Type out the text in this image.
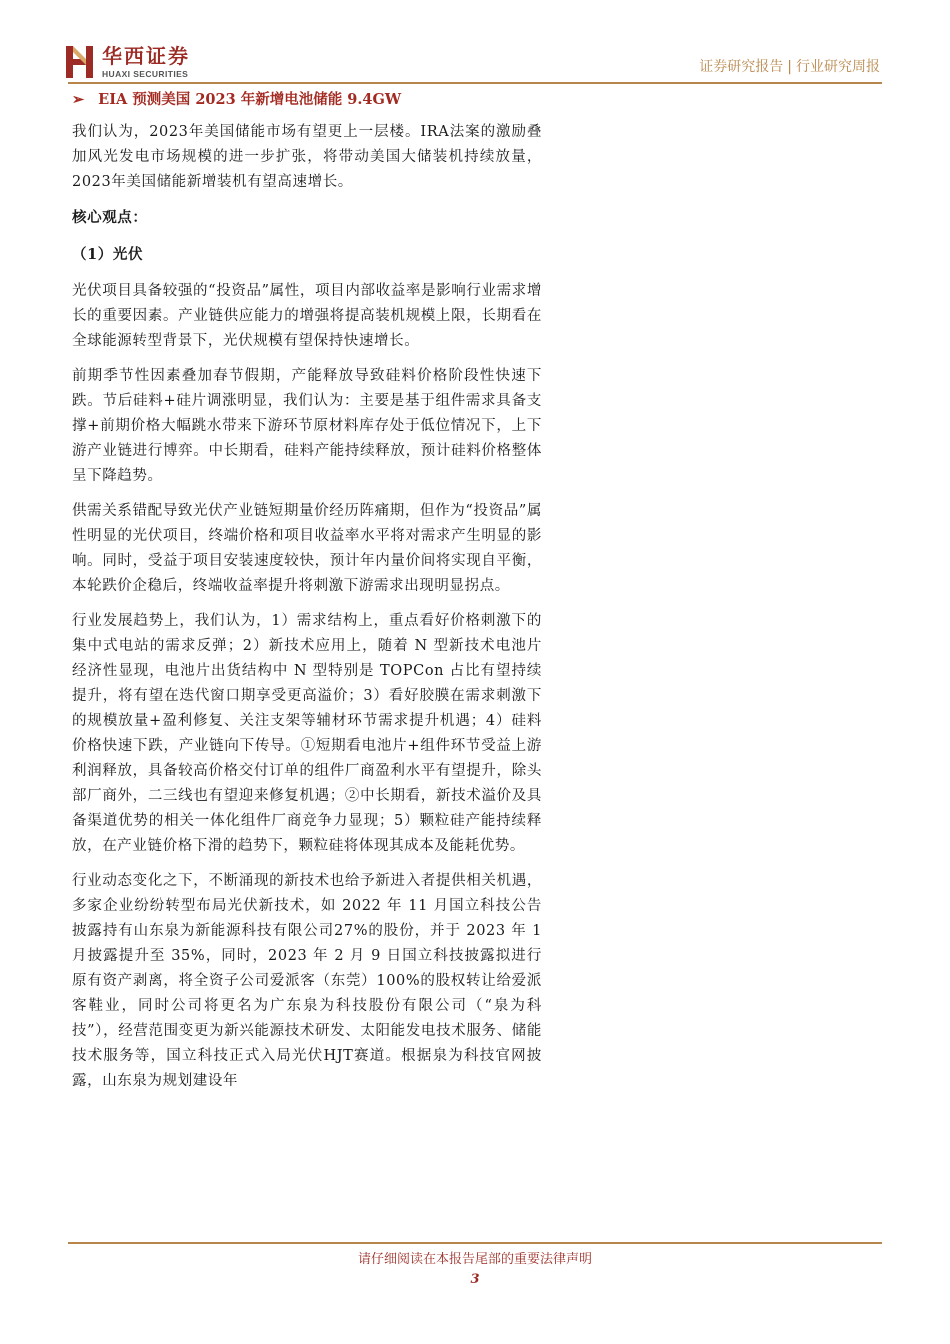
华西证券
HUAXI SECURITIES	证券研究报告 | 行业研究周报
➢ EIA 预测美国 2023 年新增电池储能 9.4GW

我们认为，2023年美国储能市场有望更上一层楼。IRA法案的激励叠加风光发电市场规模的进一步扩张，将带动美国大储装机持续放量，2023年美国储能新增装机有望高速增长。

核心观点：

（1）光伏

光伏项目具备较强的“投资品”属性，项目内部收益率是影响行业需求增长的重要因素。产业链供应能力的增强将提高装机规模上限，长期看在全球能源转型背景下，光伏规模有望保持快速增长。

前期季节性因素叠加春节假期，产能释放导致硅料价格阶段性快速下跌。节后硅料+硅片调涨明显，我们认为：主要是基于组件需求具备支撑+前期价格大幅跳水带来下游环节原材料库存处于低位情况下，上下游产业链进行博弈。中长期看，硅料产能持续释放，预计硅料价格整体呈下降趋势。

供需关系错配导致光伏产业链短期量价经历阵痛期，但作为“投资品”属性明显的光伏项目，终端价格和项目收益率水平将对需求产生明显的影响。同时，受益于项目安装速度较快，预计年内量价间将实现自平衡，本轮跌价企稳后，终端收益率提升将刺激下游需求出现明显拐点。

行业发展趋势上，我们认为，1）需求结构上，重点看好价格刺激下的集中式电站的需求反弹；2）新技术应用上，随着 N 型新技术电池片经济性显现，电池片出货结构中 N 型特别是 TOPCon 占比有望持续提升，将有望在迭代窗口期享受更高溢价；3）看好胶膜在需求刺激下的规模放量+盈利修复、关注支架等辅材环节需求提升机遇；4）硅料价格快速下跌，产业链向下传导。①短期看电池片+组件环节受益上游利润释放，具备较高价格交付订单的组件厂商盈利水平有望提升，除头部厂商外，二三线也有望迎来修复机遇；②中长期看，新技术溢价及具备渠道优势的相关一体化组件厂商竞争力显现；5）颗粒硅产能持续释放，在产业链价格下滑的趋势下，颗粒硅将体现其成本及能耗优势。

行业动态变化之下，不断涌现的新技术也给予新进入者提供相关机遇，多家企业纷纷转型布局光伏新技术，如 2022 年 11 月国立科技公告披露持有山东泉为新能源科技有限公司27%的股份，并于 2023 年 1 月披露提升至 35%，同时，2023 年 2 月 9 日国立科技披露拟进行原有资产剥离，将全资子公司爱派客（东莞）100%的股权转让给爱派客鞋业，同时公司将更名为广东泉为科技股份有限公司（“泉为科技”），经营范围变更为新兴能源技术研发、太阳能发电技术服务、储能技术服务等，国立科技正式入局光伏HJT赛道。根据泉为科技官网披露，山东泉为规划建设年

请仔细阅读在本报告尾部的重要法律声明
3
